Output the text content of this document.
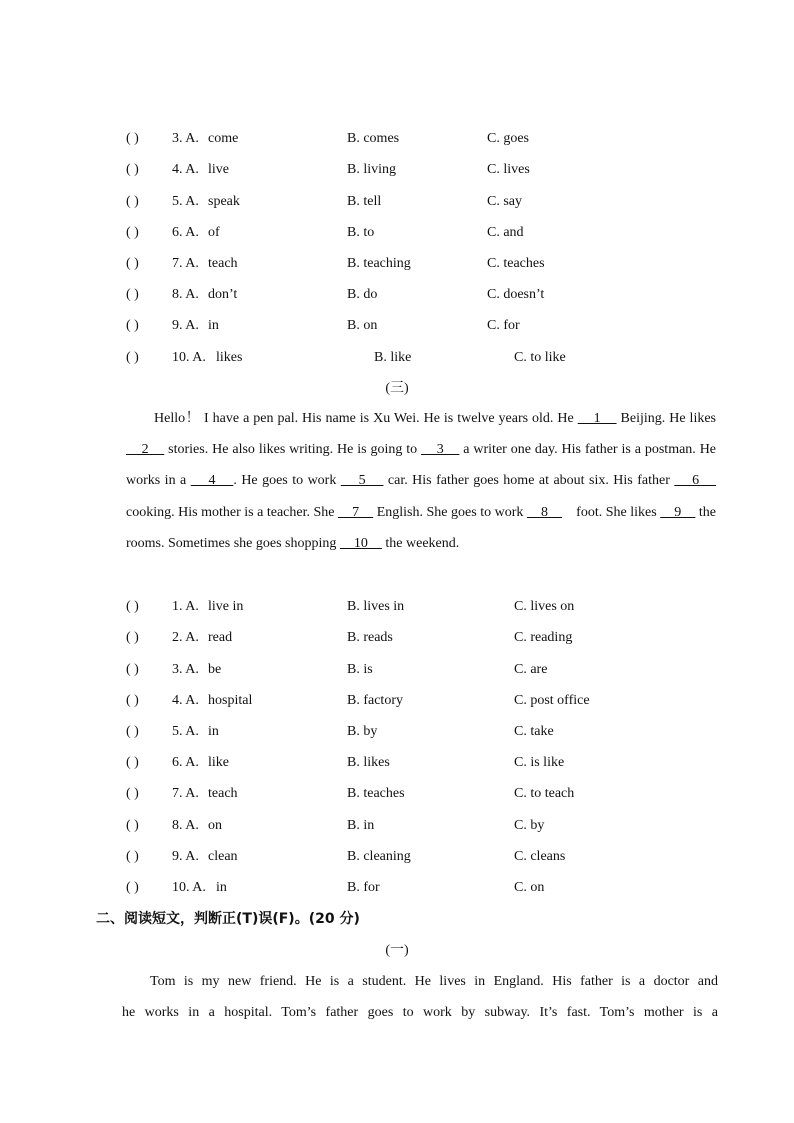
( ) 3. A. come	B. comes	C. goes
( ) 4. A. live	B. living	C. lives
( ) 5. A. speak	B. tell	C. say
( ) 6. A. of	B. to	C. and
( ) 7. A. teach	B. teaching	C. teaches
( ) 8. A. don’t	B. do	C. doesn’t
( ) 9. A. in	B. on	C. for
( ) 10. A. likes	B. like	C. to like
(三)
Hello！ I have a pen pal. His name is Xu Wei. He is twelve years old. He     1     Beijing. He likes     2     stories. He also likes writing. He is going to     3     a writer one day. His father is a postman. He works in a     4    . He goes to work     5     car. His father goes home at about six. His father     6     cooking. His mother is a teacher. She     7     English. She goes to work     8        foot. She likes     9     the rooms. Sometimes she goes shopping     10     the weekend.
( ) 1. A. live in	B. lives in	C. lives on
( ) 2. A. read	B. reads	C. reading
( ) 3. A. be	B. is	C. are
( ) 4. A. hospital	B. factory	C. post office
( ) 5. A. in	B. by	C. take
( ) 6. A. like	B. likes	C. is like
( ) 7. A. teach	B. teaches	C. to teach
( ) 8. A. on	B. in	C. by
( ) 9. A. clean	B. cleaning	C. cleans
( ) 10. A. in	B. for	C. on
二、阅读短文，判断正(T)误(F)。(20 分)
(一)
Tom is my new friend. He is a student. He lives in England. His father is a doctor and
he works in a hospital. Tom’s father goes to work by subway. It’s fast. Tom’s mother is a
